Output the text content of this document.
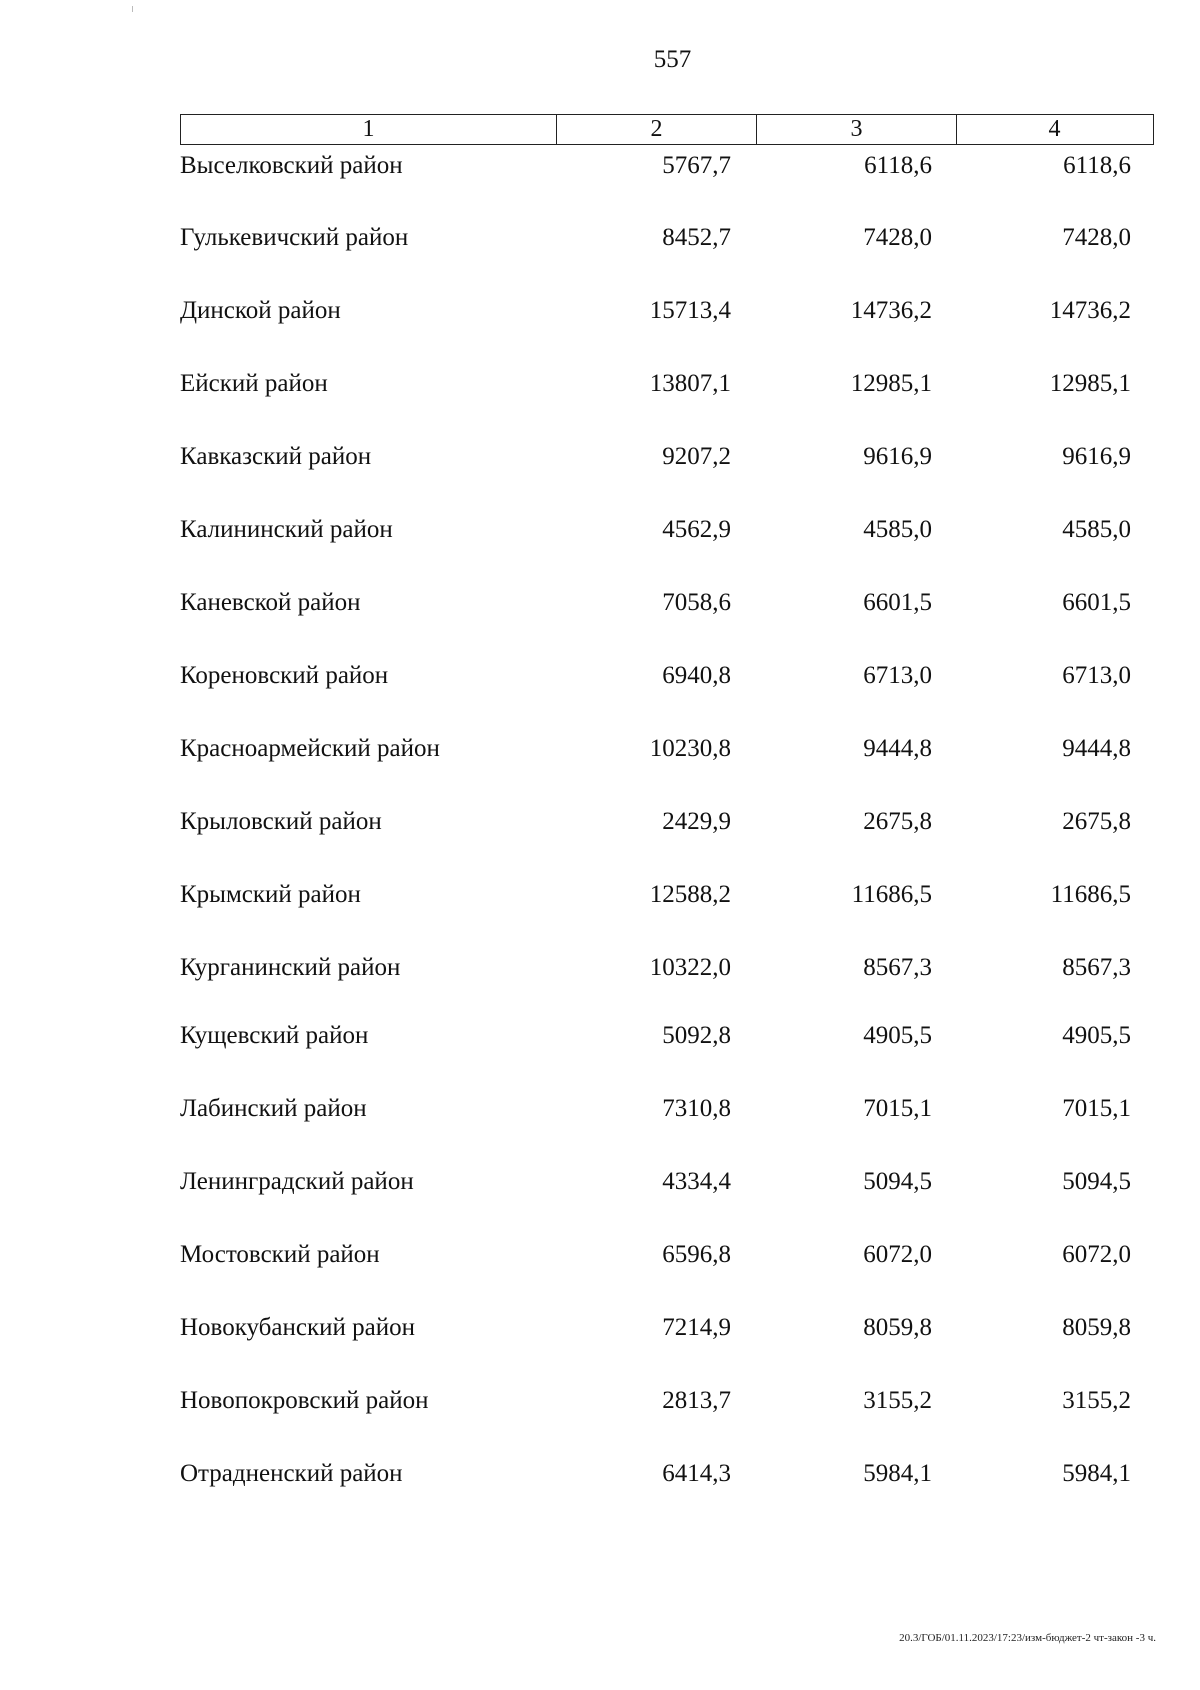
557
1	2	3	4
Выселковский район	5767,7	6118,6	6118,6
Гулькевичский район	8452,7	7428,0	7428,0
Динской район	15713,4	14736,2	14736,2
Ейский район	13807,1	12985,1	12985,1
Кавказский район	9207,2	9616,9	9616,9
Калининский район	4562,9	4585,0	4585,0
Каневской район	7058,6	6601,5	6601,5
Кореновский район	6940,8	6713,0	6713,0
Красноармейский район	10230,8	9444,8	9444,8
Крыловский район	2429,9	2675,8	2675,8
Крымский район	12588,2	11686,5	11686,5
Курганинский район	10322,0	8567,3	8567,3
Кущевский район	5092,8	4905,5	4905,5
Лабинский район	7310,8	7015,1	7015,1
Ленинградский район	4334,4	5094,5	5094,5
Мостовский район	6596,8	6072,0	6072,0
Новокубанский район	7214,9	8059,8	8059,8
Новопокровский район	2813,7	3155,2	3155,2
Отрадненский район	6414,3	5984,1	5984,1
20.3/ГОБ/01.11.2023/17:23/изм-бюджет-2 чт-закон -3 ч.
